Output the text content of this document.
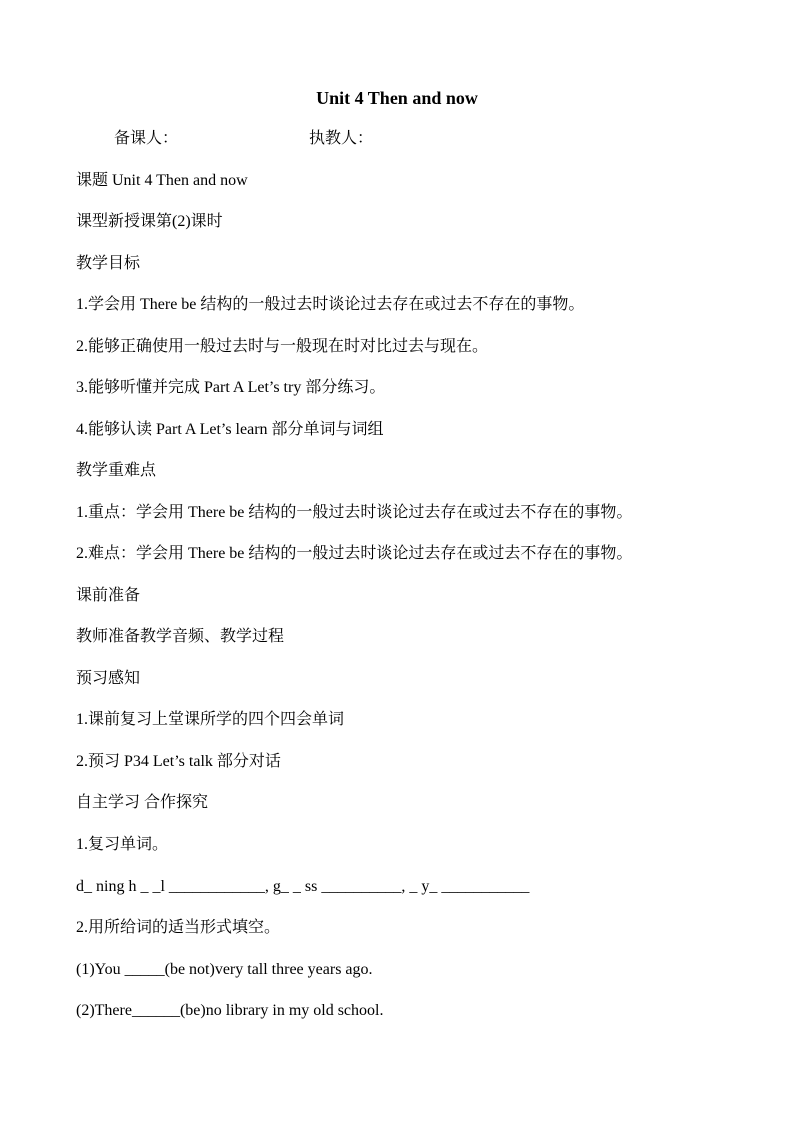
Unit 4 Then and now
备课人：	执教人：
课题 Unit 4 Then and now
课型新授课第(2)课时
教学目标
1.学会用 There be 结构的一般过去时谈论过去存在或过去不存在的事物。
2.能够正确使用一般过去时与一般现在时对比过去与现在。
3.能够听懂并完成 Part A Let’s try 部分练习。
4.能够认读 Part A Let’s learn 部分单词与词组
教学重难点
1.重点：学会用 There be 结构的一般过去时谈论过去存在或过去不存在的事物。
2.难点：学会用 There be 结构的一般过去时谈论过去存在或过去不存在的事物。
课前准备
教师准备教学音频、教学过程
预习感知
1.课前复习上堂课所学的四个四会单词
2.预习 P34 Let’s talk 部分对话
自主学习 合作探究
1.复习单词。
d_ ning h _ _l ____________, g_ _ ss __________, _ y_ ___________
2.用所给词的适当形式填空。
(1)You _____(be not)very tall three years ago.
(2)There______(be)no library in my old school.
